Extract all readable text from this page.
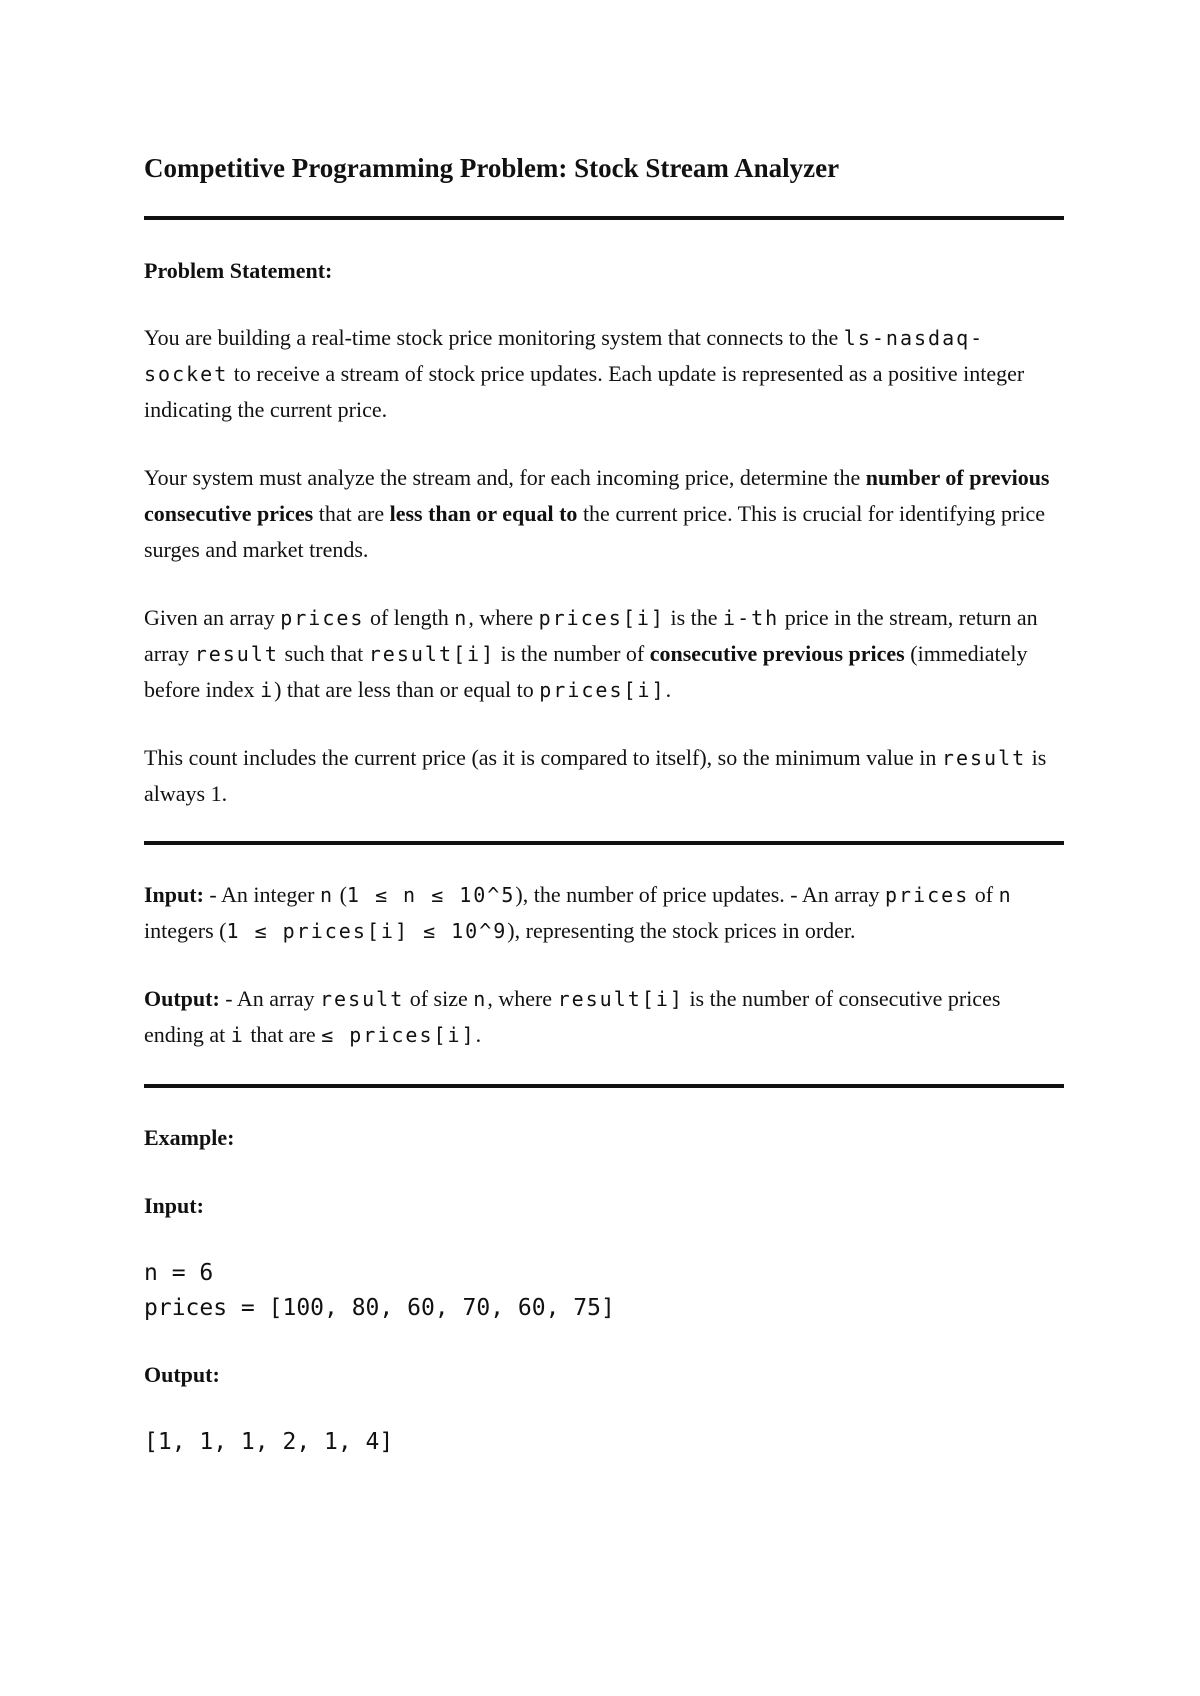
Competitive Programming Problem: Stock Stream Analyzer

Problem Statement:

You are building a real-time stock price monitoring system that connects to the ls-nasdaq-socket to receive a stream of stock price updates. Each update is represented as a positive integer indicating the current price.

Your system must analyze the stream and, for each incoming price, determine the number of previous consecutive prices that are less than or equal to the current price. This is crucial for identifying price surges and market trends.

Given an array prices of length n, where prices[i] is the i-th price in the stream, return an array result such that result[i] is the number of consecutive previous prices (immediately before index i) that are less than or equal to prices[i].

This count includes the current price (as it is compared to itself), so the minimum value in result is always 1.

Input: - An integer n (1 ≤ n ≤ 10^5), the number of price updates. - An array prices of n integers (1 ≤ prices[i] ≤ 10^9), representing the stock prices in order.

Output: - An array result of size n, where result[i] is the number of consecutive prices ending at i that are ≤ prices[i].

Example:

Input:

n = 6
prices = [100, 80, 60, 70, 60, 75]

Output:

[1, 1, 1, 2, 1, 4]
